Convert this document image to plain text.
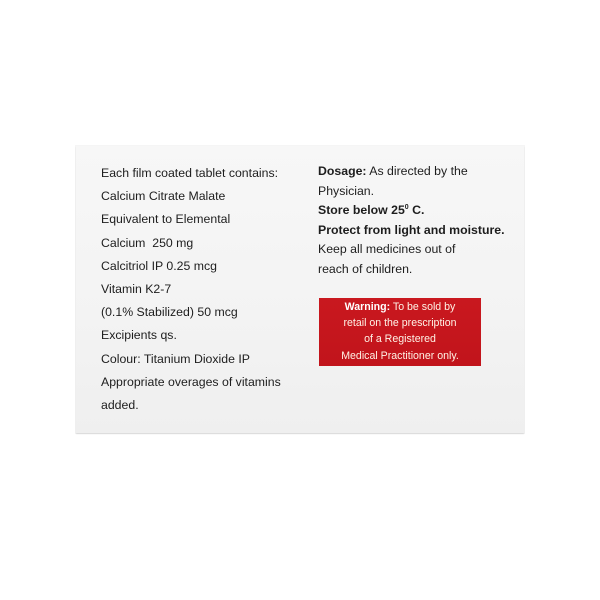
Each film coated tablet contains:
Calcium Citrate Malate
Equivalent to Elemental
Calcium  250 mg
Calcitriol IP 0.25 mcg
Vitamin K2-7
(0.1% Stabilized) 50 mcg
Excipients qs.
Colour: Titanium Dioxide IP
Appropriate overages of vitamins
added.
Dosage: As directed by the
Physician.
Store below $25^0$ C.
Protect from light and moisture.
Keep all medicines out of
reach of children.
Warning: To be sold by
retail on the prescription
of a Registered
Medical Practitioner only.
